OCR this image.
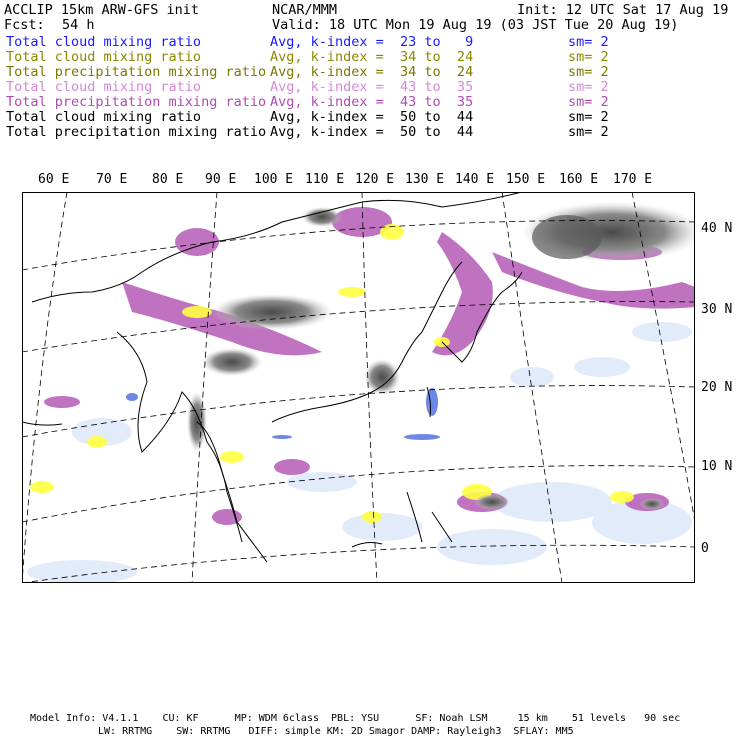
ACCLIP 15km ARW-GFS init	NCAR/MMM	Init: 12 UTC Sat 17 Aug 19
Fcst: 54 h	Valid: 18 UTC Mon 19 Aug 19 (03 JST Tue 20 Aug 19)
Total cloud mixing ratio	Avg, k-index =  23 to   9	sm= 2
Total cloud mixing ratio	Avg, k-index =  34 to  24	sm= 2
Total precipitation mixing ratio Avg, k-index =  34 to  24	sm= 2
Total cloud mixing ratio	Avg, k-index =  43 to  35	sm= 2
Total precipitation mixing ratio Avg, k-index =  43 to  35	sm= 2
Total cloud mixing ratio	Avg, k-index =  50 to  44	sm= 2
Total precipitation mixing ratio Avg, k-index =  50 to  44	sm= 2
60 E 70 E 80 E 90 E 100 E 110 E 120 E 130 E 140 E 150 E 160 E 170 E
40 N
30 N
20 N
10 N
0
Model Info: V4.1.1    CU: KF      MP: WDM 6class  PBL: YSU      SF: Noah LSM     15 km    51 levels   90 sec
LW: RRTMG    SW: RRTMG   DIFF: simple KM: 2D Smagor DAMP: Rayleigh3  SFLAY: MM5
